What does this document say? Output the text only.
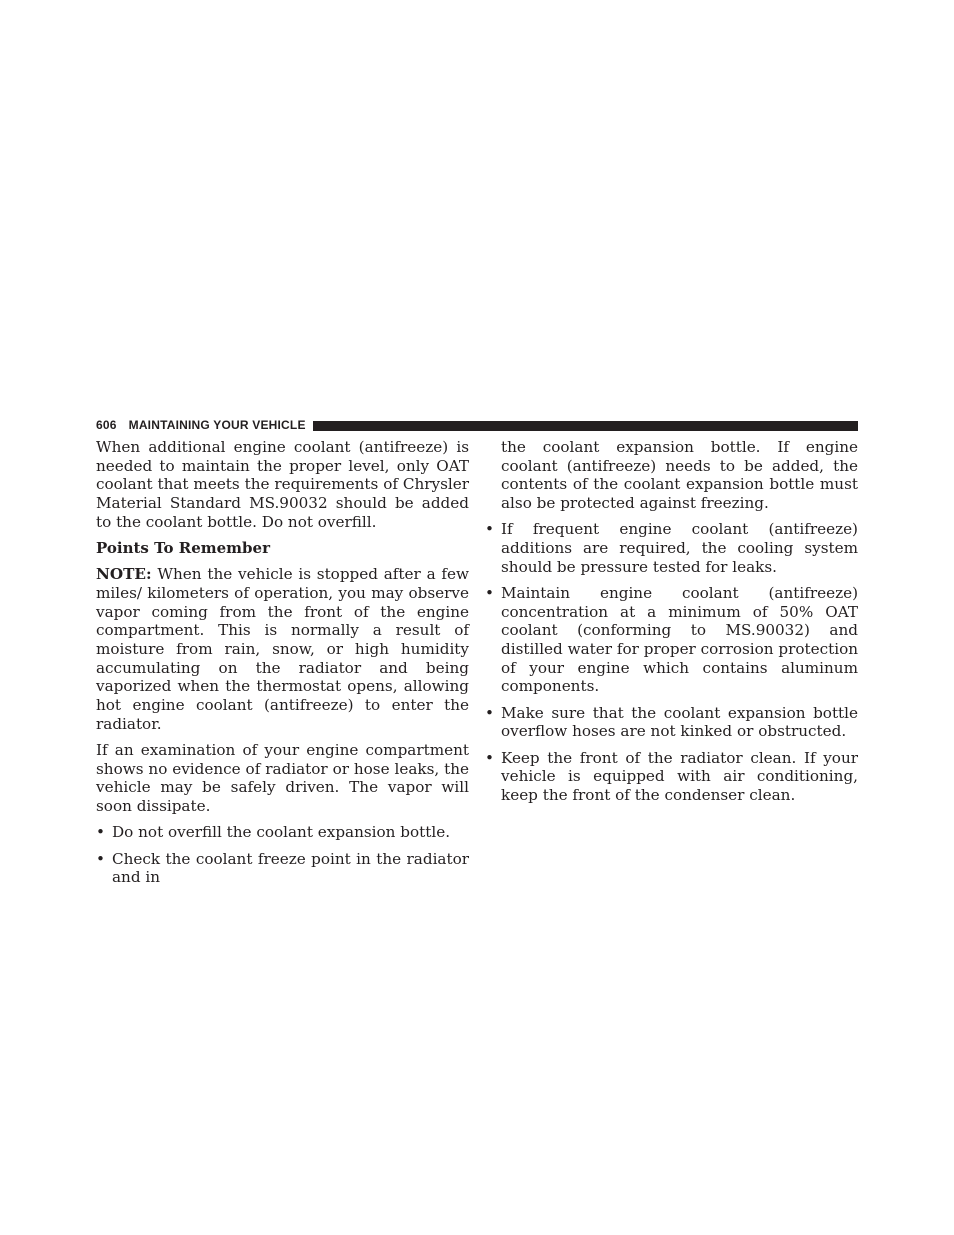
606 MAINTAINING YOUR VEHICLE

When additional engine coolant (antifreeze) is needed to maintain the proper level, only OAT coolant that meets the requirements of Chrysler Material Standard MS.90032 should be added to the coolant bottle. Do not overfill.

Points To Remember

NOTE: When the vehicle is stopped after a few miles/ kilometers of operation, you may observe vapor coming from the front of the engine compartment. This is normally a result of moisture from rain, snow, or high humidity accumulating on the radiator and being vaporized when the thermostat opens, allowing hot engine coolant (antifreeze) to enter the radiator.

If an examination of your engine compartment shows no evidence of radiator or hose leaks, the vehicle may be safely driven. The vapor will soon dissipate.

• Do not overfill the coolant expansion bottle.
• Check the coolant freeze point in the radiator and in

the coolant expansion bottle. If engine coolant (antifreeze) needs to be added, the contents of the coolant expansion bottle must also be protected against freezing.

• If frequent engine coolant (antifreeze) additions are required, the cooling system should be pressure tested for leaks.
• Maintain engine coolant (antifreeze) concentration at a minimum of 50% OAT coolant (conforming to MS.90032) and distilled water for proper corrosion protection of your engine which contains aluminum components.
• Make sure that the coolant expansion bottle overflow hoses are not kinked or obstructed.
• Keep the front of the radiator clean. If your vehicle is equipped with air conditioning, keep the front of the condenser clean.
